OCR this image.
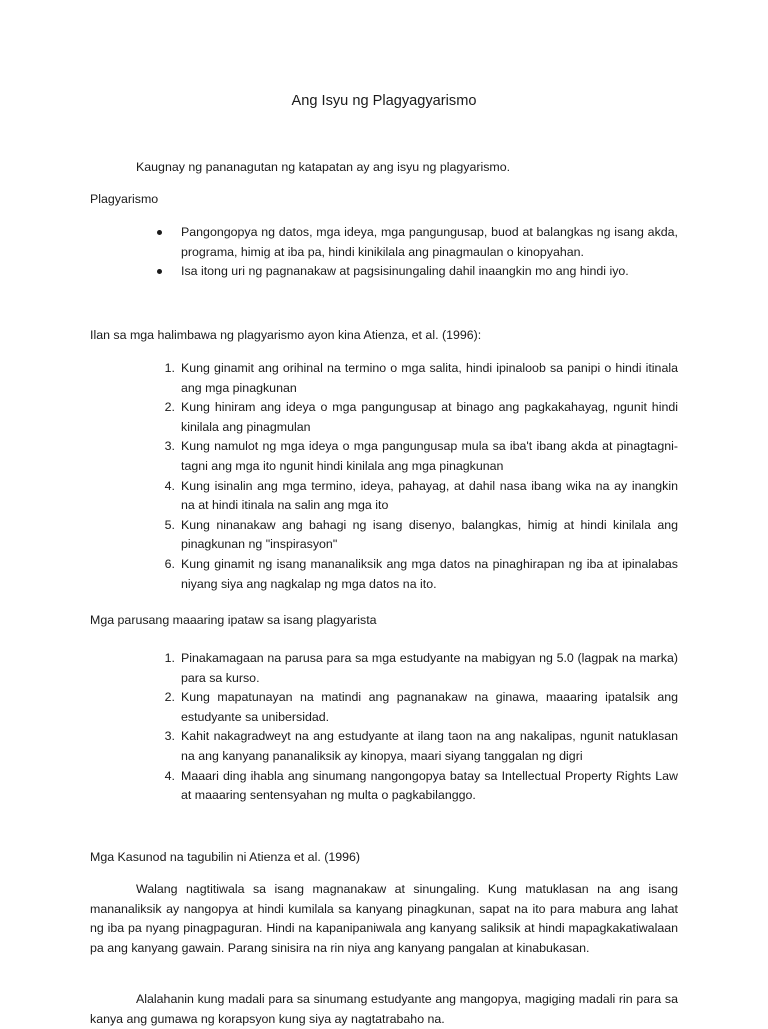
Ang Isyu ng Plagyagyarismo
Kaugnay ng pananagutan ng katapatan ay ang isyu ng plagyarismo.
Plagyarismo
Pangongopya ng datos, mga ideya, mga pangungusap, buod at balangkas ng isang akda, programa, himig at iba pa, hindi kinikilala ang pinagmaulan o kinopyahan.
Isa itong uri ng pagnanakaw at pagsisinungaling dahil inaangkin mo ang hindi iyo.
Ilan sa mga halimbawa ng plagyarismo ayon kina Atienza, et al. (1996):
1. Kung ginamit ang orihinal na termino o mga salita, hindi ipinaloob sa panipi o hindi itinala ang mga pinagkunan
2. Kung hiniram ang ideya o mga pangungusap at binago ang pagkakahayag, ngunit hindi kinilala ang pinagmulan
3. Kung namulot ng mga ideya o mga pangungusap mula sa iba't ibang akda at pinagtagni-tagni ang mga ito ngunit hindi kinilala ang mga pinagkunan
4. Kung isinalin ang mga termino, ideya, pahayag, at dahil nasa ibang wika na ay inangkin na at hindi itinala na salin ang mga ito
5. Kung ninanakaw ang bahagi ng isang disenyo, balangkas, himig at hindi kinilala ang pinagkunan ng "inspirasyon"
6. Kung ginamit ng isang mananaliksik ang mga datos na pinaghirapan ng iba at ipinalabas niyang siya ang nagkalap ng mga datos na ito.
Mga parusang maaaring ipataw sa isang plagyarista
1. Pinakamagaan na parusa para sa mga estudyante na mabigyan ng 5.0 (lagpak na marka) para sa kurso.
2. Kung mapatunayan na matindi ang pagnanakaw na ginawa, maaaring ipatalsik ang estudyante sa unibersidad.
3. Kahit nakagradweyt na ang estudyante at ilang taon na ang nakalipas, ngunit natuklasan na ang kanyang pananaliksik ay kinopya, maari siyang tanggalan ng digri
4. Maaari ding ihabla ang sinumang nangongopya batay sa Intellectual Property Rights Law at maaaring sentensyahan ng multa o pagkabilanggo.
Mga Kasunod na tagubilin ni Atienza et al. (1996)
Walang nagtitiwala sa isang magnanakaw at sinungaling. Kung matuklasan na ang isang mananaliksik ay nangopya at hindi kumilala sa kanyang pinagkunan, sapat na ito para mabura ang lahat ng iba pa nyang pinagpaguran. Hindi na kapanipaniwala ang kanyang saliksik at hindi mapagkakatiwalaan pa ang kanyang gawain. Parang sinisira na rin niya ang kanyang pangalan at kinabukasan.
Alalahanin kung madali para sa sinumang estudyante ang mangopya, magiging madali rin para sa kanya ang gumawa ng korapsyon kung siya ay nagtatrabaho na.
